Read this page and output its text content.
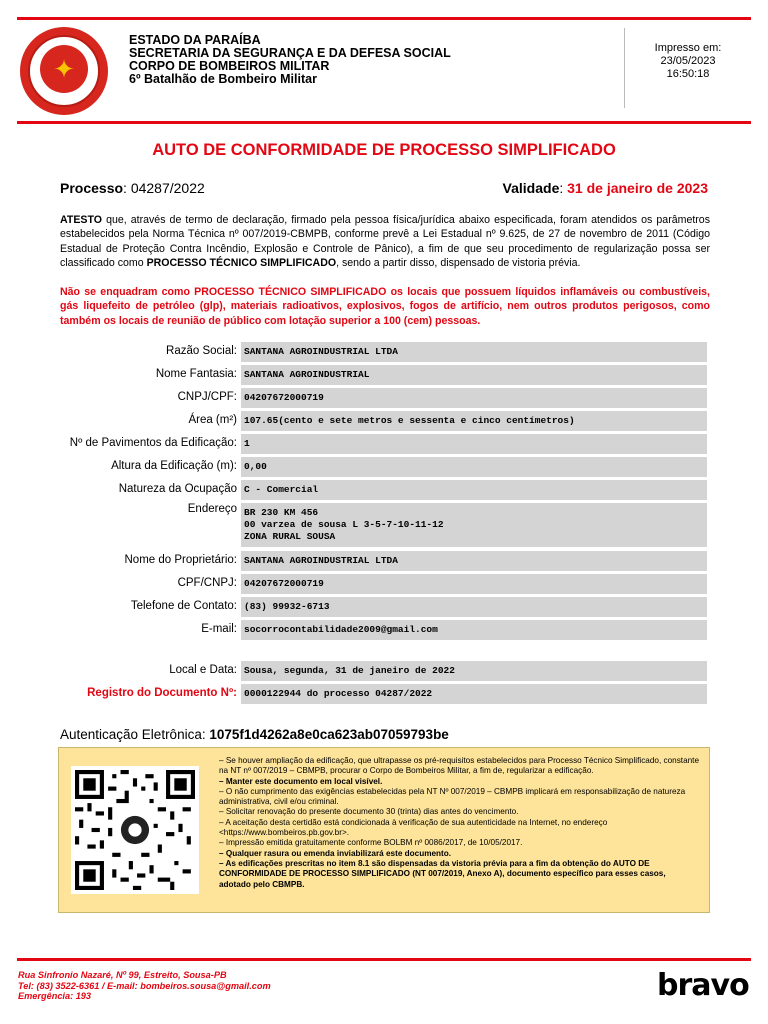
✦
ESTADO DA PARAÍBA
SECRETARIA DA SEGURANÇA E DA DEFESA SOCIAL
CORPO DE BOMBEIROS MILITAR
6º Batalhão de Bombeiro Militar
Impresso em:
23/05/2023
16:50:18
AUTO DE CONFORMIDADE DE PROCESSO SIMPLIFICADO
Processo: 04287/2022	Validade: 31 de janeiro de 2023
ATESTO que, através de termo de declaração, firmado pela pessoa física/jurídica abaixo especificada, foram atendidos os parâmetros estabelecidos pela Norma Técnica nº 007/2019-CBMPB, conforme prevê a Lei Estadual nº 9.625, de 27 de novembro de 2011 (Código Estadual de Proteção Contra Incêndio, Explosão e Controle de Pânico), a fim de que seu procedimento de regularização possa ser classificado como PROCESSO TÉCNICO SIMPLIFICADO, sendo a partir disso, dispensado de vistoria prévia.
Não se enquadram como PROCESSO TÉCNICO SIMPLIFICADO os locais que possuem líquidos inflamáveis ou combustíveis, gás liquefeito de petróleo (glp), materiais radioativos, explosivos, fogos de artifício, nem outros produtos perigosos, como também os locais de reunião de público com lotação superior a 100 (cem) pessoas.
Razão Social: SANTANA AGROINDUSTRIAL LTDA
Nome Fantasia: SANTANA AGROINDUSTRIAL
CNPJ/CPF: 04207672000719
Área (m²) 107.65(cento e sete metros e sessenta e cinco centímetros)
Nº de Pavimentos da Edificação: 1
Altura da Edificação (m): 0,00
Natureza da Ocupação C - Comercial
Endereço BR 230 KM 456
00 varzea de sousa L 3-5-7-10-11-12
ZONA RURAL SOUSA
Nome do Proprietário: SANTANA AGROINDUSTRIAL LTDA
CPF/CNPJ: 04207672000719
Telefone de Contato: (83) 99932-6713
E-mail: socorrocontabilidade2009@gmail.com
Local e Data: Sousa, segunda, 31 de janeiro de 2022
Registro do Documento Nº: 0000122944 do processo 04287/2022
Autenticação Eletrônica: 1075f1d4262a8e0ca623ab07059793be
– Se houver ampliação da edificação, que ultrapasse os pré-requisitos estabelecidos para Processo Técnico Simplificado, constante na NT nº 007/2019 – CBMPB, procurar o Corpo de Bombeiros Militar, a fim de, regularizar a edificação.
– Manter este documento em local visível.
– O não cumprimento das exigências estabelecidas pela NT Nº 007/2019 – CBMPB implicará em responsabilização de natureza administrativa, civil e/ou criminal.
– Solicitar renovação do presente documento 30 (trinta) dias antes do vencimento.
– A aceitação desta certidão está condicionada à verificação de sua autenticidade na Internet, no endereço <https://www.bombeiros.pb.gov.br>.
– Impressão emitida gratuitamente conforme BOLBM nº 0086/2017, de 10/05/2017.
– Qualquer rasura ou emenda inviabilizará este documento.
– As edificações prescritas no item 8.1 são dispensadas da vistoria prévia para a fim da obtenção do AUTO DE CONFORMIDADE DE PROCESSO SIMPLIFICADO (NT 007/2019, Anexo A), documento específico para esses casos, adotado pelo CBMPB.
Rua Sinfronio Nazaré, Nº 99, Estreito, Sousa-PB
Tel: (83) 3522-6361 / E-mail: bombeiros.sousa@gmail.com
Emergência: 193	bravo
